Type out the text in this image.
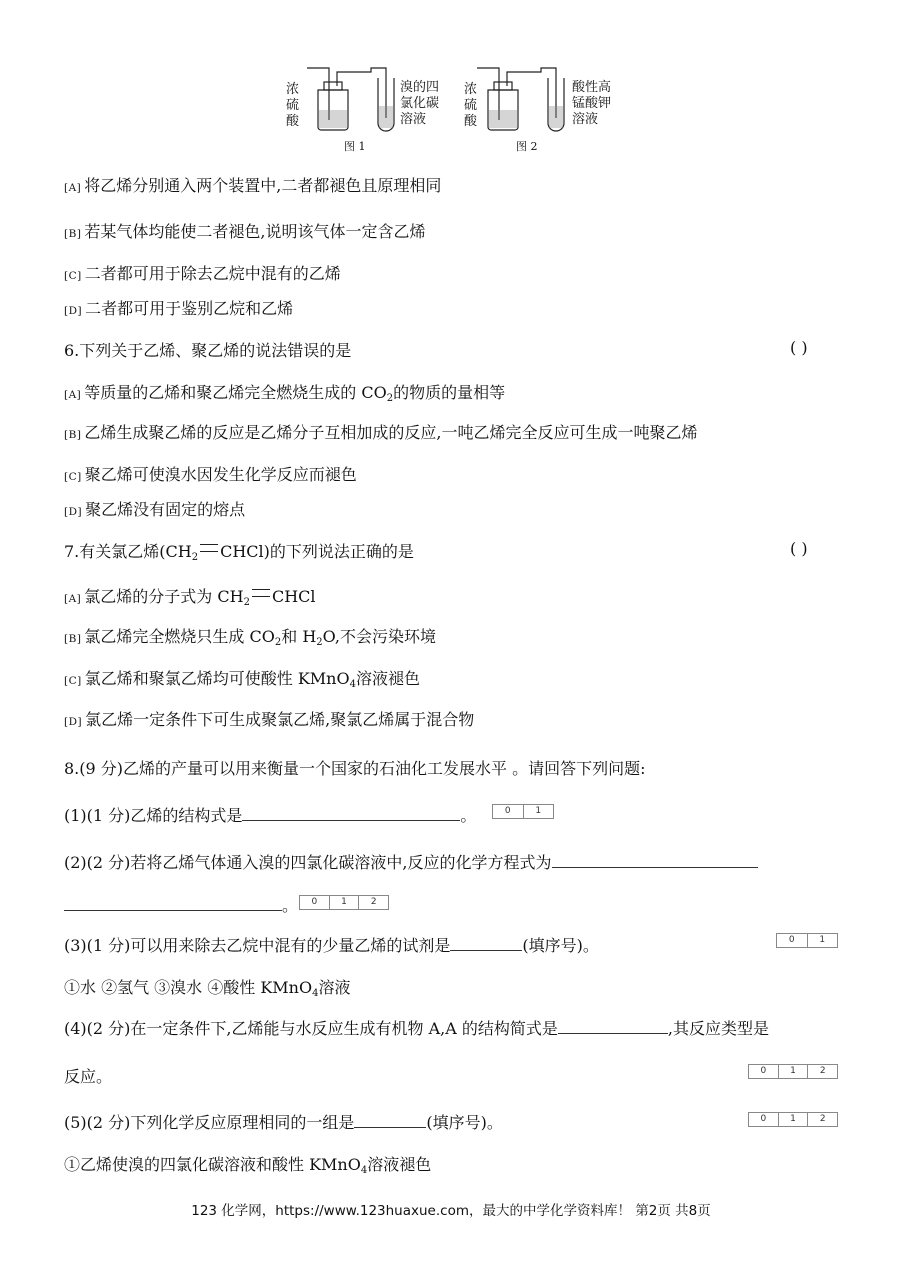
浓
硫
酸
溴的四
氯化碳
溶液
图 1
浓
硫
酸
酸性高
锰酸钾
溶液
图 2
[A] 将乙烯分别通入两个装置中,二者都褪色且原理相同
[B] 若某气体均能使二者褪色,说明该气体一定含乙烯
[C] 二者都可用于除去乙烷中混有的乙烯
[D] 二者都可用于鉴别乙烷和乙烯
6.下列关于乙烯、聚乙烯的说法错误的是	( )
[A] 等质量的乙烯和聚乙烯完全燃烧生成的 $CO_2$的物质的量相等
[B] 乙烯生成聚乙烯的反应是乙烯分子互相加成的反应,一吨乙烯完全反应可生成一吨聚乙烯
[C] 聚乙烯可使溴水因发生化学反应而褪色
[D] 聚乙烯没有固定的熔点
7.有关氯乙烯($CH_2$ CHCl)的下列说法正确的是	( )
[A] 氯乙烯的分子式为 $CH_2$ CHCl
[B] 氯乙烯完全燃烧只生成 $CO_2$和 $H_2O$,不会污染环境
[C] 氯乙烯和聚氯乙烯均可使酸性 KMnO$_4$溶液褪色
[D] 氯乙烯一定条件下可生成聚氯乙烯,聚氯乙烯属于混合物
8.(9 分)乙烯的产量可以用来衡量一个国家的石油化工发展水平 。请回答下列问题:
(1)(1 分)乙烯的结构式是	。	0	1
(2)(2 分)若将乙烯气体通入溴的四氯化碳溶液中,反应的化学方程式为
。	0	1	2
(3)(1 分)可以用来除去乙烷中混有的少量乙烯的试剂是	(填序号)。	0	1
①水 ②氢气 ③溴水 ④酸性 KMnO$_4$溶液
(4)(2 分)在一定条件下,乙烯能与水反应生成有机物 A,A 的结构简式是	,其反应类型是
反应。	0	1	2
(5)(2 分)下列化学反应原理相同的一组是	(填序号)。	0	1	2
①乙烯使溴的四氯化碳溶液和酸性 KMnO$_4$溶液褪色
123 化学网，https://www.123huaxue.com，最大的中学化学资料库！ 第2页 共8页
